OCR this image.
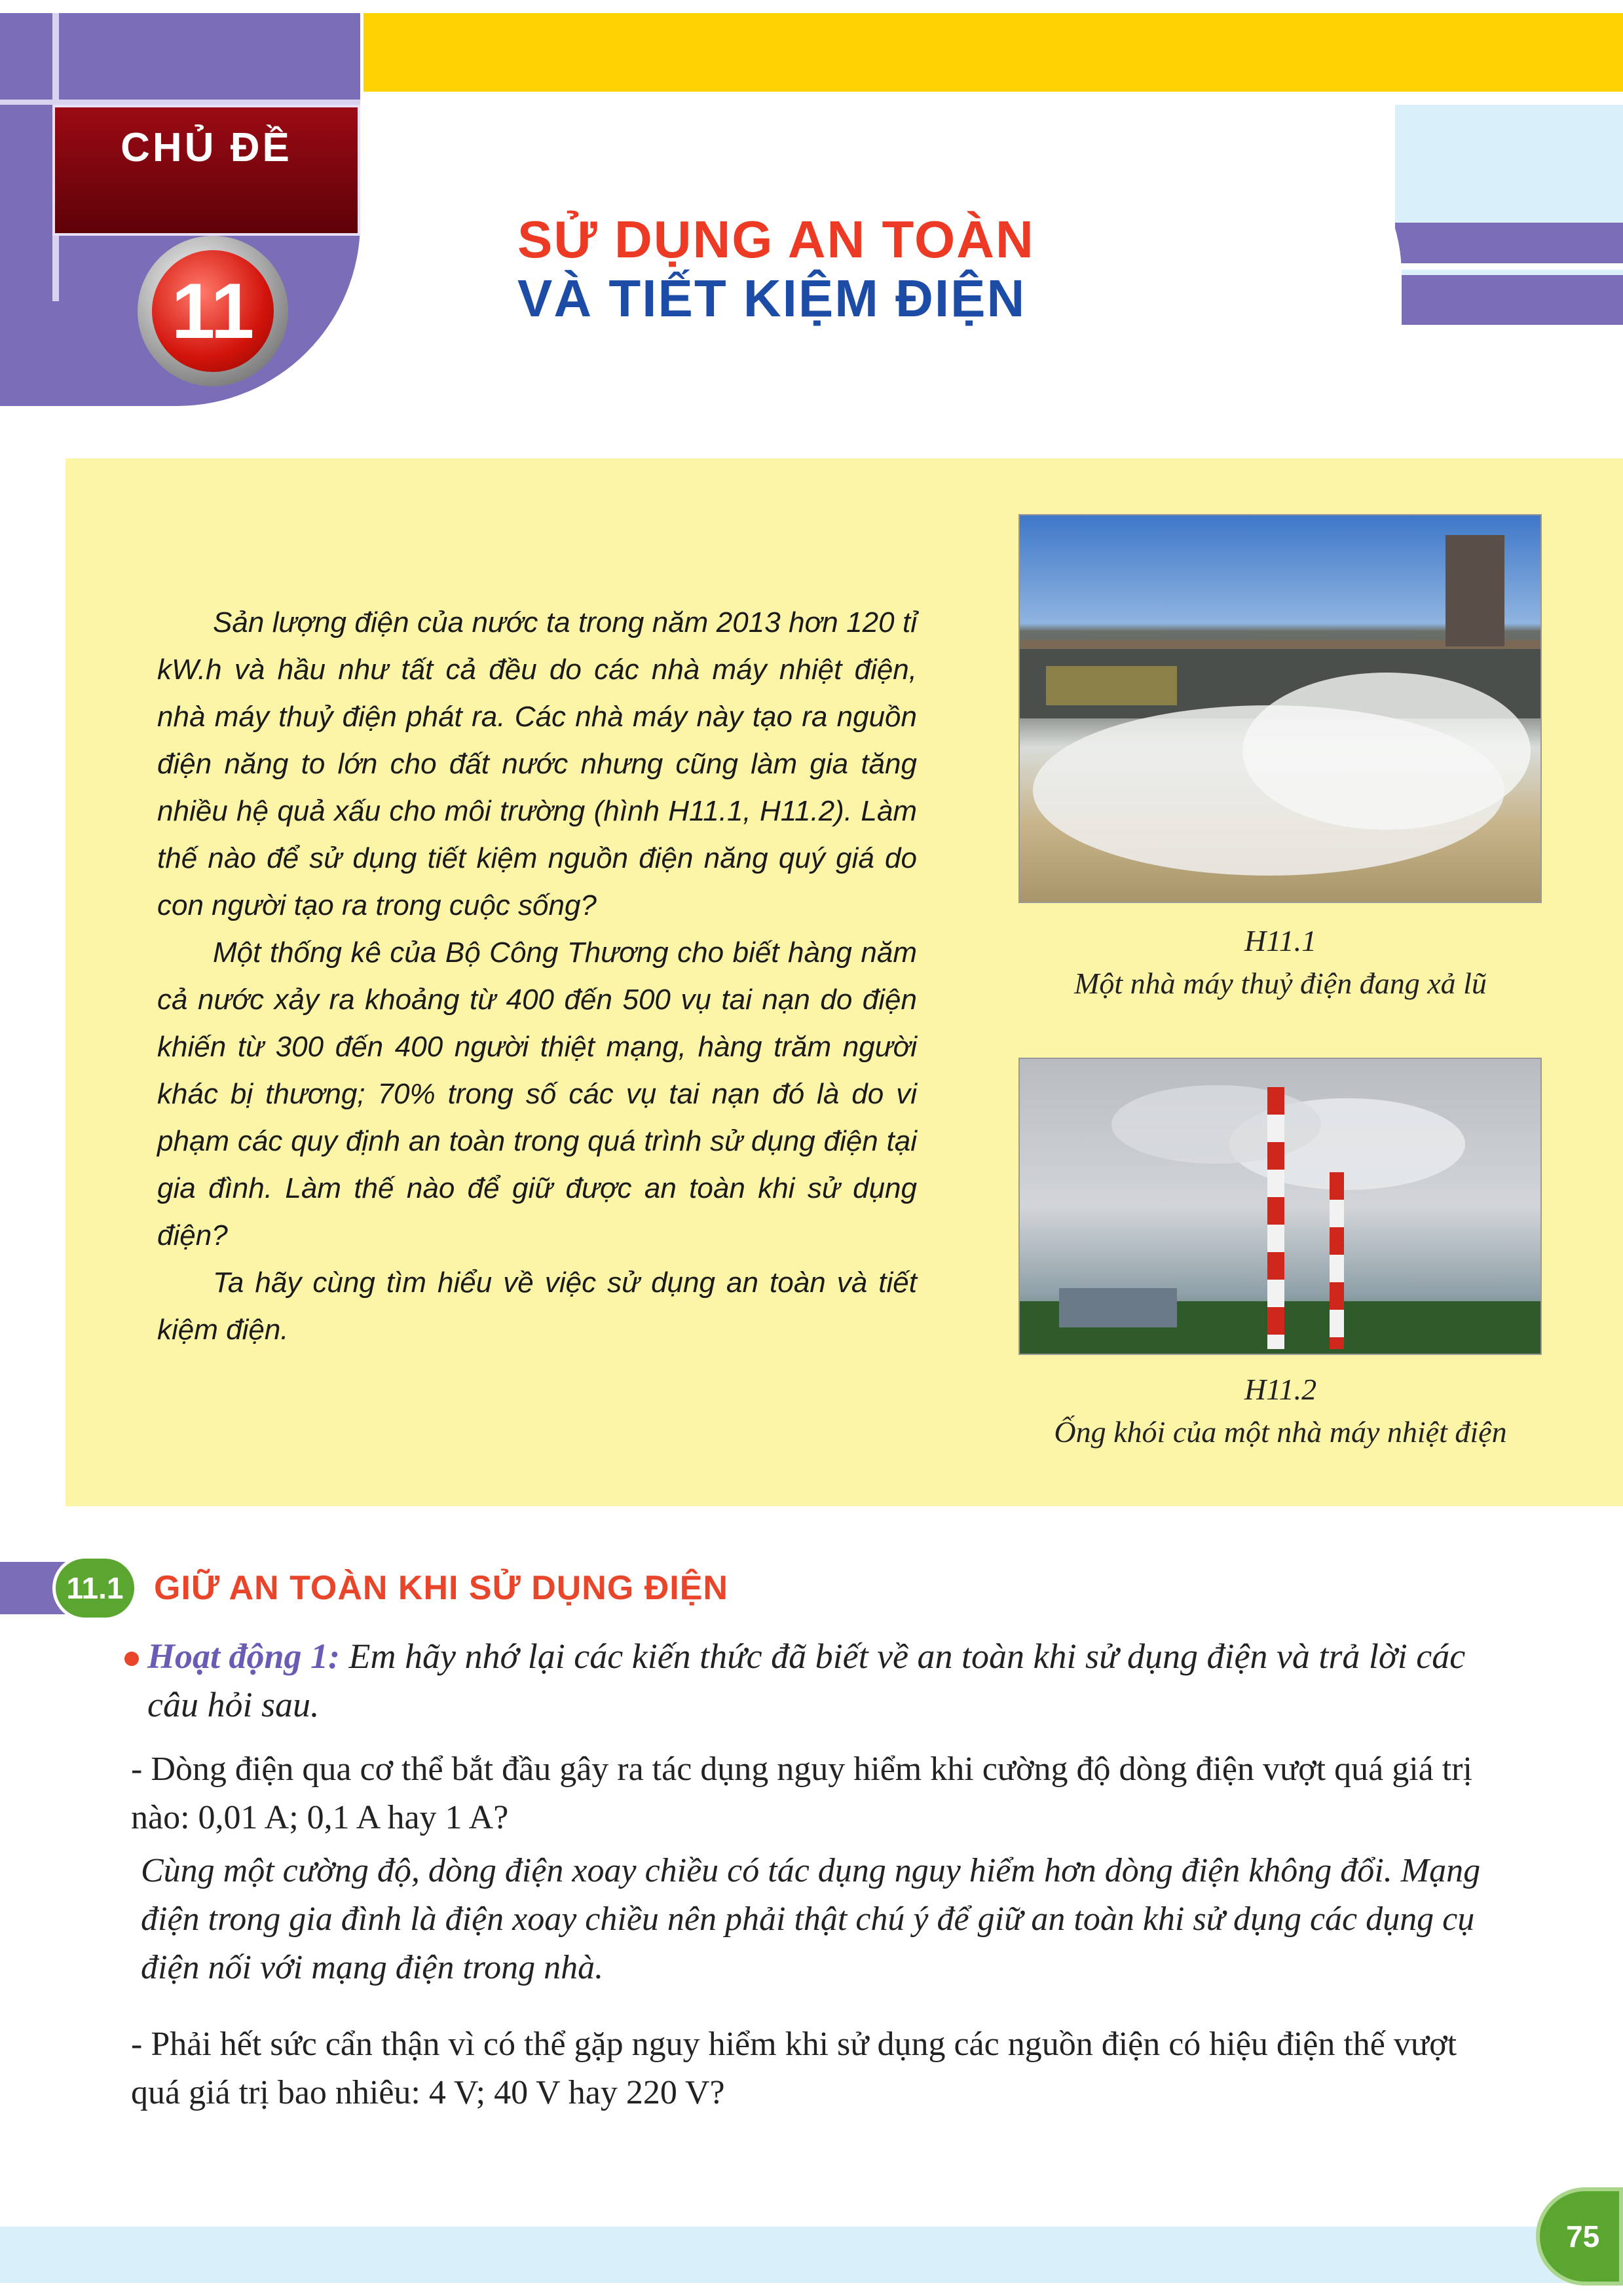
CHỦ ĐỀ
11
SỬ DỤNG AN TOÀN
VÀ TIẾT KIỆM ĐIỆN

Sản lượng điện của nước ta trong năm 2013 hơn 120 tỉ kW.h và hầu như tất cả đều do các nhà máy nhiệt điện, nhà máy thuỷ điện phát ra. Các nhà máy này tạo ra nguồn điện năng to lớn cho đất nước nhưng cũng làm gia tăng nhiều hệ quả xấu cho môi trường (hình H11.1, H11.2). Làm thế nào để sử dụng tiết kiệm nguồn điện năng quý giá do con người tạo ra trong cuộc sống?

Một thống kê của Bộ Công Thương cho biết hàng năm cả nước xảy ra khoảng từ 400 đến 500 vụ tai nạn do điện khiến từ 300 đến 400 người thiệt mạng, hàng trăm người khác bị thương; 70% trong số các vụ tai nạn đó là do vi phạm các quy định an toàn trong quá trình sử dụng điện tại gia đình. Làm thế nào để giữ được an toàn khi sử dụng điện?

Ta hãy cùng tìm hiểu về việc sử dụng an toàn và tiết kiệm điện.

H11.1
Một nhà máy thuỷ điện đang xả lũ
H11.2
Ống khói của một nhà máy nhiệt điện
11.1 GIỮ AN TOÀN KHI SỬ DỤNG ĐIỆN
Hoạt động 1: Em hãy nhớ lại các kiến thức đã biết về an toàn khi sử dụng điện và trả lời các câu hỏi sau.
- Dòng điện qua cơ thể bắt đầu gây ra tác dụng nguy hiểm khi cường độ dòng điện vượt quá giá trị nào: 0,01 A; 0,1 A hay 1 A?
Cùng một cường độ, dòng điện xoay chiều có tác dụng nguy hiểm hơn dòng điện không đổi. Mạng điện trong gia đình là điện xoay chiều nên phải thật chú ý để giữ an toàn khi sử dụng các dụng cụ điện nối với mạng điện trong nhà.
- Phải hết sức cẩn thận vì có thể gặp nguy hiểm khi sử dụng các nguồn điện có hiệu điện thế vượt quá giá trị bao nhiêu: 4 V; 40 V hay 220 V?
75
